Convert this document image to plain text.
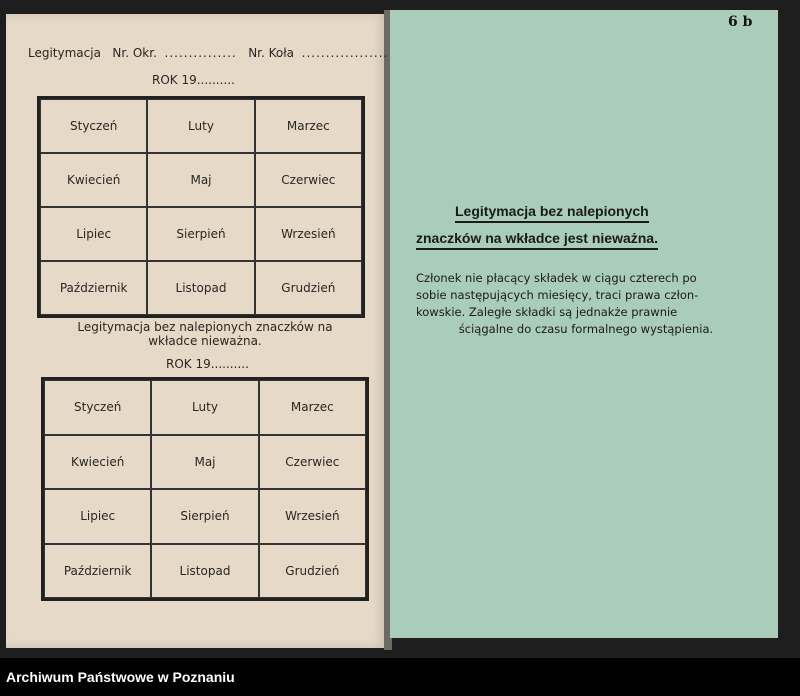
Legitymacja Nr. Okr. ............... Nr. Koła ..................
ROK 19..........
Styczeń	Luty	Marzec
Kwiecień	Maj	Czerwiec
Lipiec	Sierpień	Wrzesień
Październik	Listopad	Grudzień
Legitymacja bez nalepionych znaczków na
wkładce nieważna.
ROK 19..........
Styczeń	Luty	Marzec
Kwiecień	Maj	Czerwiec
Lipiec	Sierpień	Wrzesień
Październik	Listopad	Grudzień
6 b
Legitymacja bez nalepionych
znaczków na wkładce jest nieważna.
Członek nie płacący składek w ciągu czterech po
sobie następujących miesięcy, traci prawa człon-
kowskie. Zaległe składki są jednakże prawnie
ściągalne do czasu formalnego wystąpienia.
Archiwum Państwowe w Poznaniu
